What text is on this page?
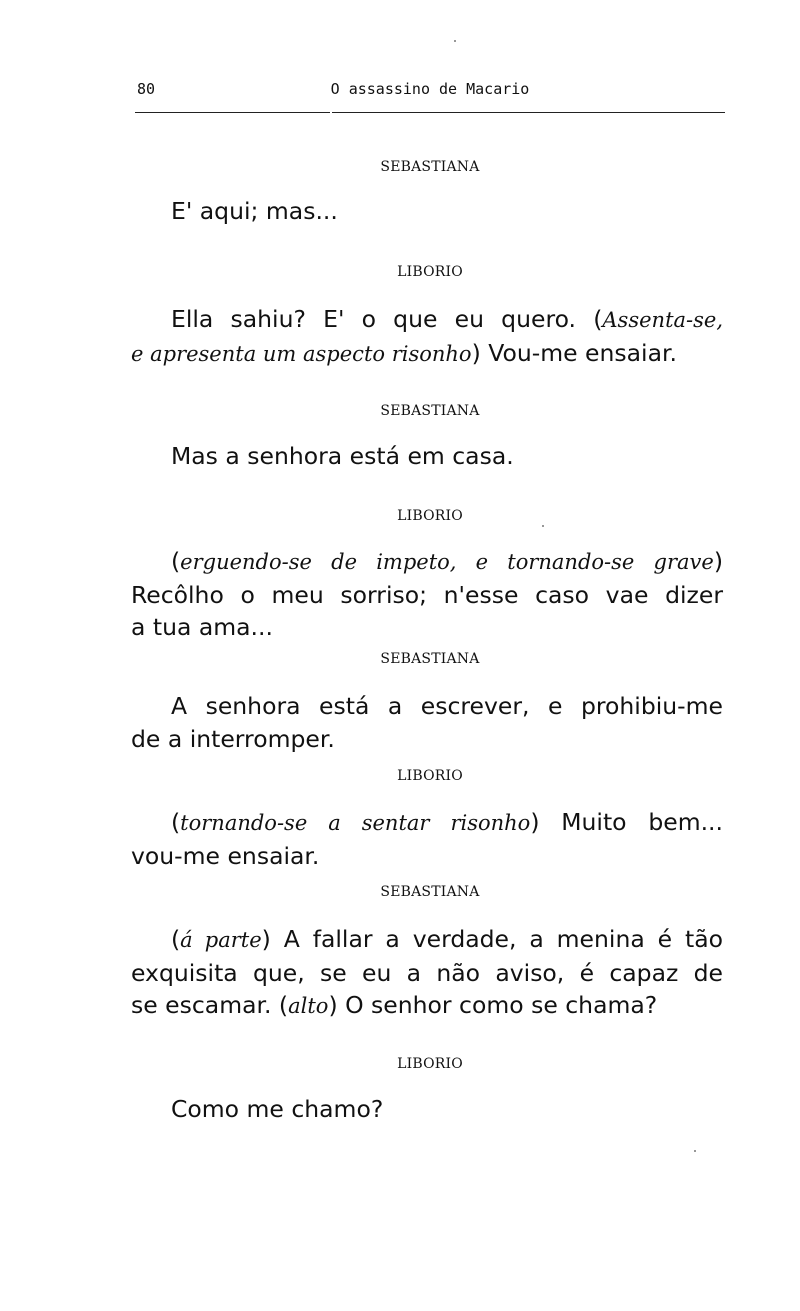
80	O assassino de Macario
SEBASTIANA
E' aqui; mas...
LIBORIO
Ella sahiu? E' o que eu quero. (Assenta-se,
e apresenta um aspecto risonho) Vou-me ensaiar.
SEBASTIANA
Mas a senhora está em casa.
LIBORIO
(erguendo-se de impeto, e tornando-se grave)
Recôlho o meu sorriso; n'esse caso vae dizer
a tua ama...
SEBASTIANA
A senhora está a escrever, e prohibiu-me
de a interromper.
LIBORIO
(tornando-se a sentar risonho) Muito bem...
vou-me ensaiar.
SEBASTIANA
(á parte) A fallar a verdade, a menina é tão
exquisita que, se eu a não aviso, é capaz de
se escamar. (alto) O senhor como se chama?
LIBORIO
Como me chamo?
